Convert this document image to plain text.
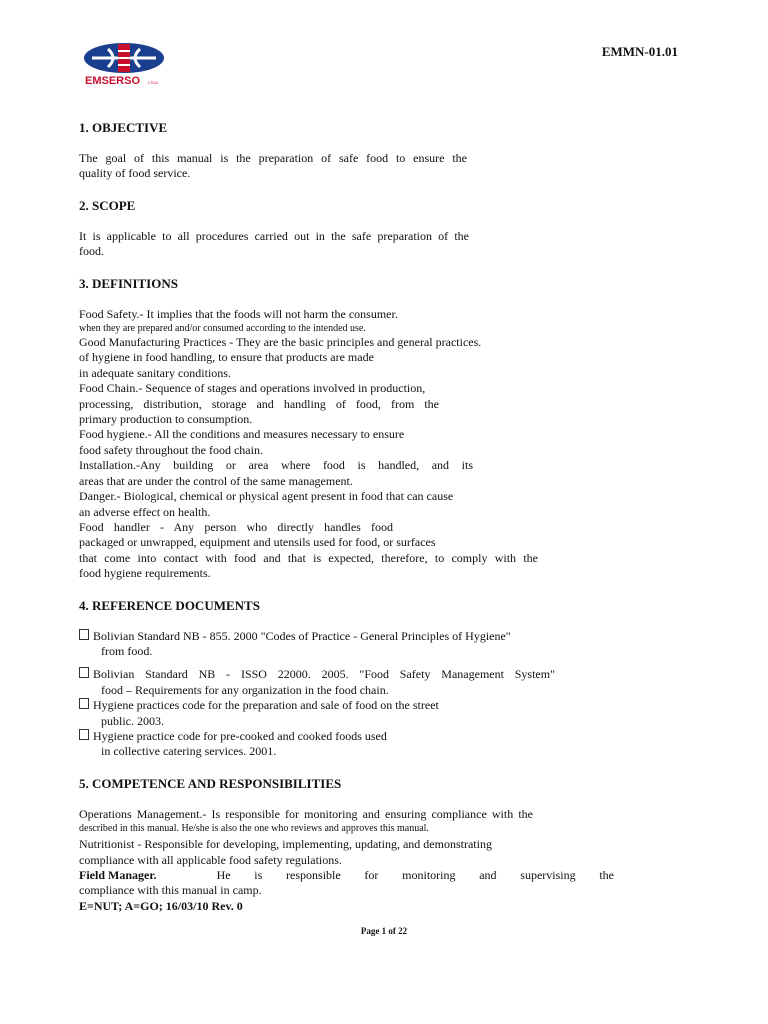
EMSERSO LTDA
EMMN-01.01
1. OBJECTIVE

The goal of this manual is the preparation of safe food to ensure the

quality of food service.

2. SCOPE

It is applicable to all procedures carried out in the safe preparation of the

food.

3. DEFINITIONS

Food Safety.- It implies that the foods will not harm the consumer.

when they are prepared and/or consumed according to the intended use.

Good Manufacturing Practices - They are the basic principles and general practices.

of hygiene in food handling, to ensure that products are made

in adequate sanitary conditions.

Food Chain.- Sequence of stages and operations involved in production,

processing, distribution, storage and handling of food, from the

primary production to consumption.

Food hygiene.- All the conditions and measures necessary to ensure

food safety throughout the food chain.

Installation.-Any building or area where food is handled, and its

areas that are under the control of the same management.

Danger.- Biological, chemical or physical agent present in food that can cause

an adverse effect on health.

Food handler - Any person who directly handles food

packaged or unwrapped, equipment and utensils used for food, or surfaces

that come into contact with food and that is expected, therefore, to comply with the

food hygiene requirements.

4. REFERENCE DOCUMENTS

Bolivian Standard NB - 855. 2000 "Codes of Practice - General Principles of Hygiene"

from food.

Bolivian Standard NB - ISSO 22000. 2005. "Food Safety Management System"

food – Requirements for any organization in the food chain.

Hygiene practices code for the preparation and sale of food on the street

public. 2003.

Hygiene practice code for pre-cooked and cooked foods used

in collective catering services. 2001.

5. COMPETENCE AND RESPONSIBILITIES

Operations Management.- Is responsible for monitoring and ensuring compliance with the

described in this manual. He/she is also the one who reviews and approves this manual.

Nutritionist - Responsible for developing, implementing, updating, and demonstrating

compliance with all applicable food safety regulations.

Field Manager.	He is responsible for monitoring and supervising the

compliance with this manual in camp.

E=NUT; A=GO; 16/03/10 Rev. 0

Page 1 of 22
